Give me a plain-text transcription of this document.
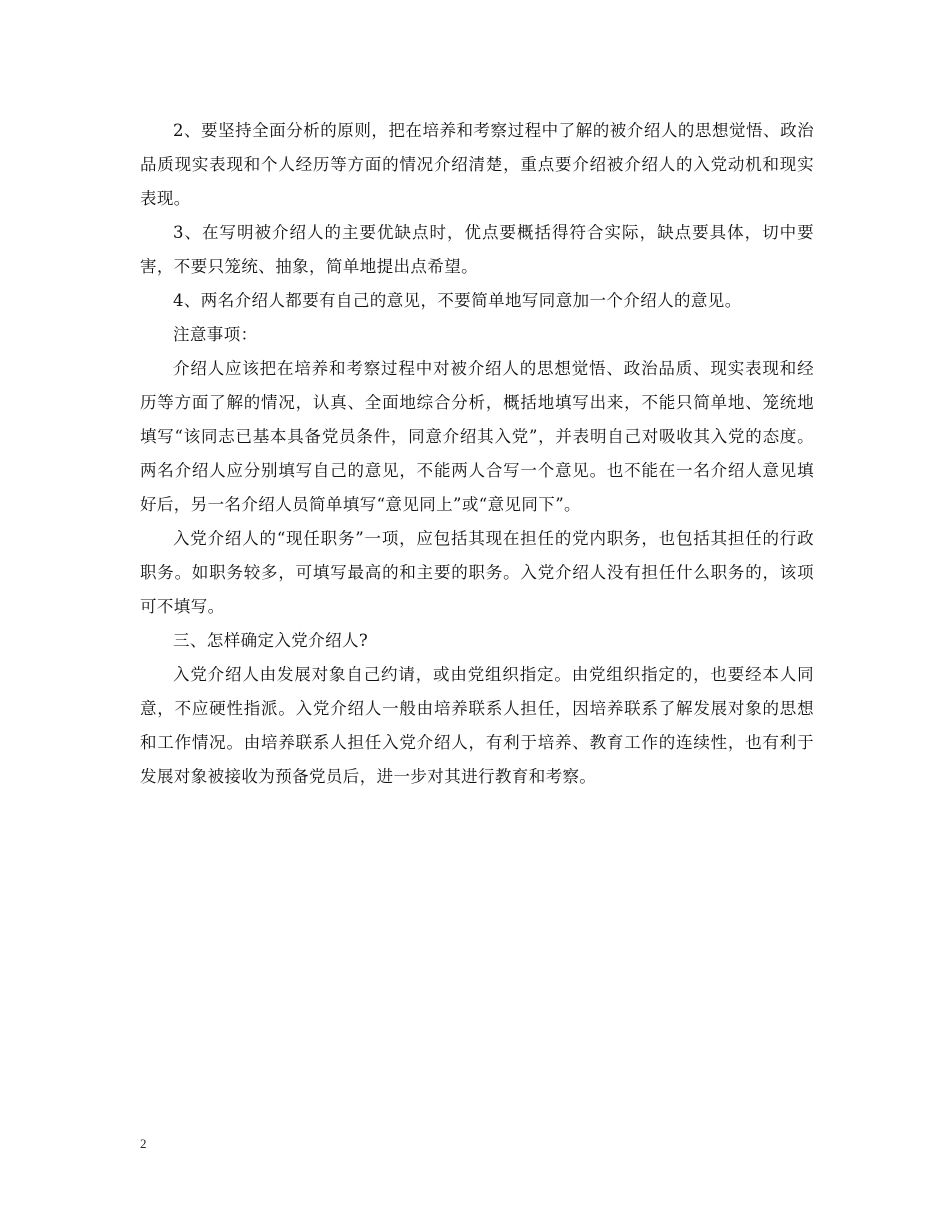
2、要坚持全面分析的原则，把在培养和考察过程中了解的被介绍人的思想觉悟、政治品质现实表现和个人经历等方面的情况介绍清楚，重点要介绍被介绍人的入党动机和现实表现。

3、在写明被介绍人的主要优缺点时，优点要概括得符合实际，缺点要具体，切中要害，不要只笼统、抽象，简单地提出点希望。

4、两名介绍人都要有自己的意见，不要简单地写同意加一个介绍人的意见。

注意事项：

介绍人应该把在培养和考察过程中对被介绍人的思想觉悟、政治品质、现实表现和经历等方面了解的情况，认真、全面地综合分析，概括地填写出来，不能只简单地、笼统地填写“该同志已基本具备党员条件，同意介绍其入党”，并表明自己对吸收其入党的态度。两名介绍人应分别填写自己的意见，不能两人合写一个意见。也不能在一名介绍人意见填好后，另一名介绍人员简单填写“意见同上”或“意见同下”。

入党介绍人的“现任职务”一项，应包括其现在担任的党内职务，也包括其担任的行政职务。如职务较多，可填写最高的和主要的职务。入党介绍人没有担任什么职务的，该项可不填写。

三、怎样确定入党介绍人?

入党介绍人由发展对象自己约请，或由党组织指定。由党组织指定的，也要经本人同意，不应硬性指派。入党介绍人一般由培养联系人担任，因培养联系了解发展对象的思想和工作情况。由培养联系人担任入党介绍人，有利于培养、教育工作的连续性，也有利于发展对象被接收为预备党员后，进一步对其进行教育和考察。

2
